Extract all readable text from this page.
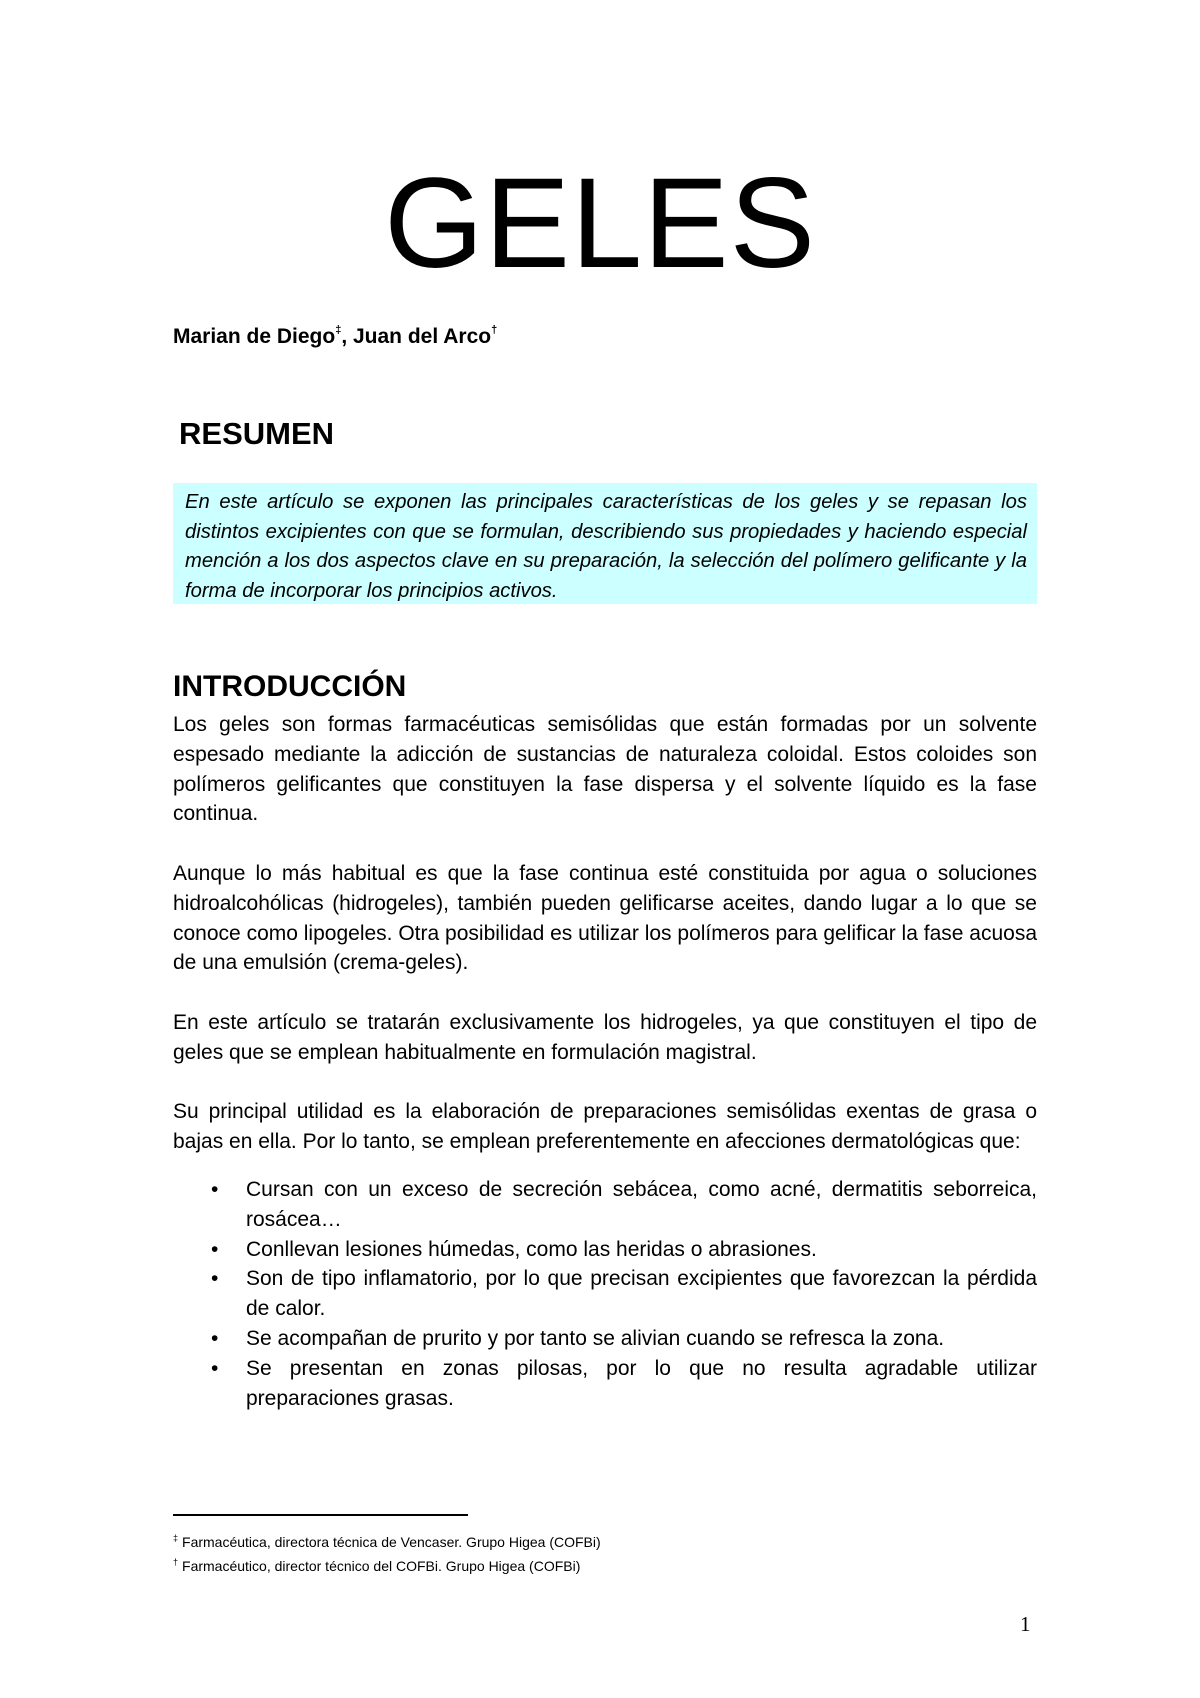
GELES
Marian de Diego‡, Juan del Arco†
RESUMEN
En este artículo se exponen las principales características de los geles y se repasan los distintos excipientes con que se formulan, describiendo sus propiedades y haciendo especial mención a los dos aspectos clave en su preparación, la selección del polímero gelificante y la forma de incorporar los principios activos.
INTRODUCCIÓN

Los geles son formas farmacéuticas semisólidas que están formadas por un solvente espesado mediante la adicción de sustancias de naturaleza coloidal. Estos coloides son polímeros gelificantes que constituyen la fase dispersa y el solvente líquido es la fase continua.

Aunque lo más habitual es que la fase continua esté constituida por agua o soluciones hidroalcohólicas (hidrogeles), también pueden gelificarse aceites, dando lugar a lo que se conoce como lipogeles. Otra posibilidad es utilizar los polímeros para gelificar la fase acuosa de una emulsión (crema-geles).

En este artículo se tratarán exclusivamente los hidrogeles, ya que constituyen el tipo de geles que se emplean habitualmente en formulación magistral.

Su principal utilidad es la elaboración de preparaciones semisólidas exentas de grasa o bajas en ella. Por lo tanto, se emplean preferentemente en afecciones dermatológicas que:

• Cursan con un exceso de secreción sebácea, como acné, dermatitis seborreica, rosácea…
• Conllevan lesiones húmedas, como las heridas o abrasiones.
• Son de tipo inflamatorio, por lo que precisan excipientes que favorezcan la pérdida de calor.
• Se acompañan de prurito y por tanto se alivian cuando se refresca la zona.
• Se presentan en zonas pilosas, por lo que no resulta agradable utilizar preparaciones grasas.
‡ Farmacéutica, directora técnica de Vencaser. Grupo Higea (COFBi)
† Farmacéutico, director técnico del COFBi. Grupo Higea (COFBi)
1
